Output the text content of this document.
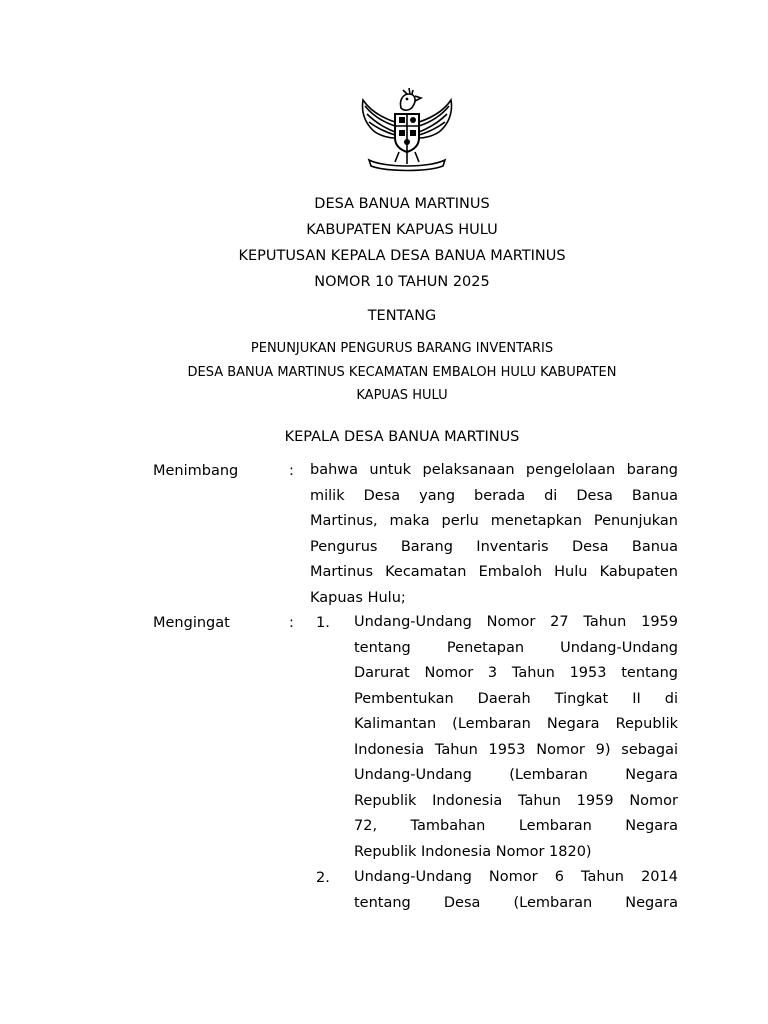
DESA BANUA MARTINUS
KABUPATEN KAPUAS HULU
KEPUTUSAN KEPALA DESA BANUA MARTINUS
NOMOR 10 TAHUN 2025
TENTANG
PENUNJUKAN PENGURUS BARANG INVENTARIS
DESA BANUA MARTINUS KECAMATAN EMBALOH HULU KABUPATEN
KAPUAS HULU
KEPALA DESA BANUA MARTINUS
Menimbang	: bahwa untuk pelaksanaan pengelolaan barang
milik Desa yang berada di Desa Banua
Martinus, maka perlu menetapkan Penunjukan
Pengurus Barang Inventaris Desa Banua
Martinus Kecamatan Embaloh Hulu Kabupaten
Kapuas Hulu;
Mengingat	: 1. Undang-Undang Nomor 27 Tahun 1959
tentang Penetapan Undang-Undang
Darurat Nomor 3 Tahun 1953 tentang
Pembentukan Daerah Tingkat II di
Kalimantan (Lembaran Negara Republik
Indonesia Tahun 1953 Nomor 9) sebagai
Undang-Undang (Lembaran Negara
Republik Indonesia Tahun 1959 Nomor
72, Tambahan Lembaran Negara
Republik Indonesia Nomor 1820)
2. Undang-Undang Nomor 6 Tahun 2014
tentang Desa (Lembaran Negara
